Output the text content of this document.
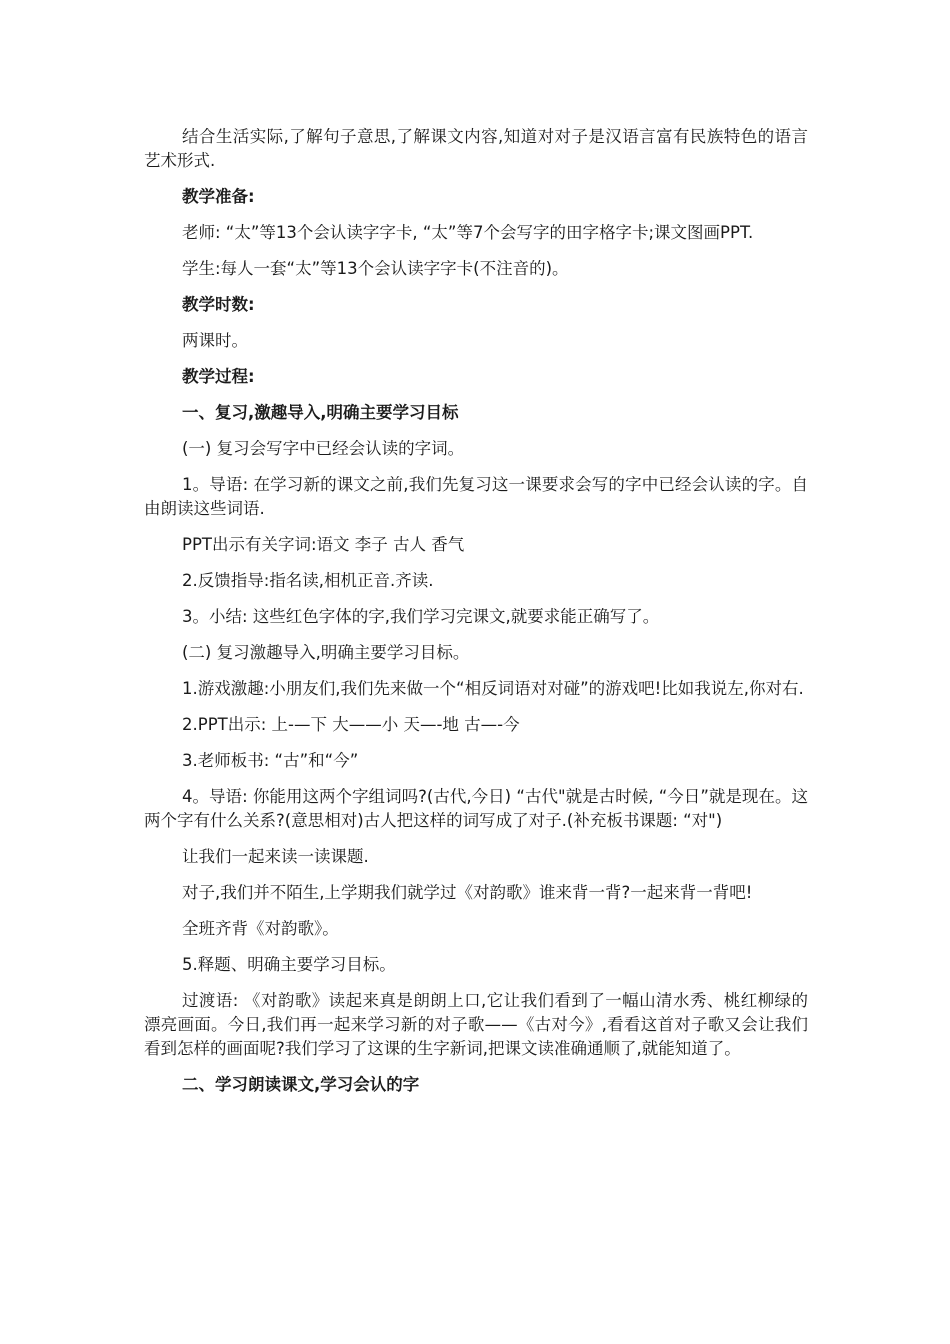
结合生活实际,了解句子意思,了解课文内容,知道对对子是汉语言富有民族特色的语言艺术形式.

教学准备:

老师: “太”等13个会认读字字卡, “太”等7个会写字的田字格字卡;课文图画PPT.

学生:每人一套“太”等13个会认读字字卡(不注音的)。

教学时数:

两课时。

教学过程:

一、复习,激趣导入,明确主要学习目标

(一) 复习会写字中已经会认读的字词。

1。导语: 在学习新的课文之前,我们先复习这一课要求会写的字中已经会认读的字。自由朗读这些词语.

PPT出示有关字词:语文 李子 古人 香气

2.反馈指导:指名读,相机正音.齐读.

3。小结: 这些红色字体的字,我们学习完课文,就要求能正确写了。

(二) 复习激趣导入,明确主要学习目标。

1.游戏激趣:小朋友们,我们先来做一个“相反词语对对碰”的游戏吧!比如我说左,你对右.

2.PPT出示: 上-—下 大——小 天—-地 古—-今

3.老师板书: “古”和“今”

4。导语: 你能用这两个字组词吗?(古代,今日) “古代"就是古时候, “今日”就是现在。这两个字有什么关系?(意思相对)古人把这样的词写成了对子.(补充板书课题: “对")

让我们一起来读一读课题.

对子,我们并不陌生,上学期我们就学过《对韵歌》谁来背一背?一起来背一背吧!

全班齐背《对韵歌》。

5.释题、明确主要学习目标。

过渡语: 《对韵歌》读起来真是朗朗上口,它让我们看到了一幅山清水秀、桃红柳绿的漂亮画面。今日,我们再一起来学习新的对子歌——《古对今》,看看这首对子歌又会让我们看到怎样的画面呢?我们学习了这课的生字新词,把课文读准确通顺了,就能知道了。

二、学习朗读课文,学习会认的字
